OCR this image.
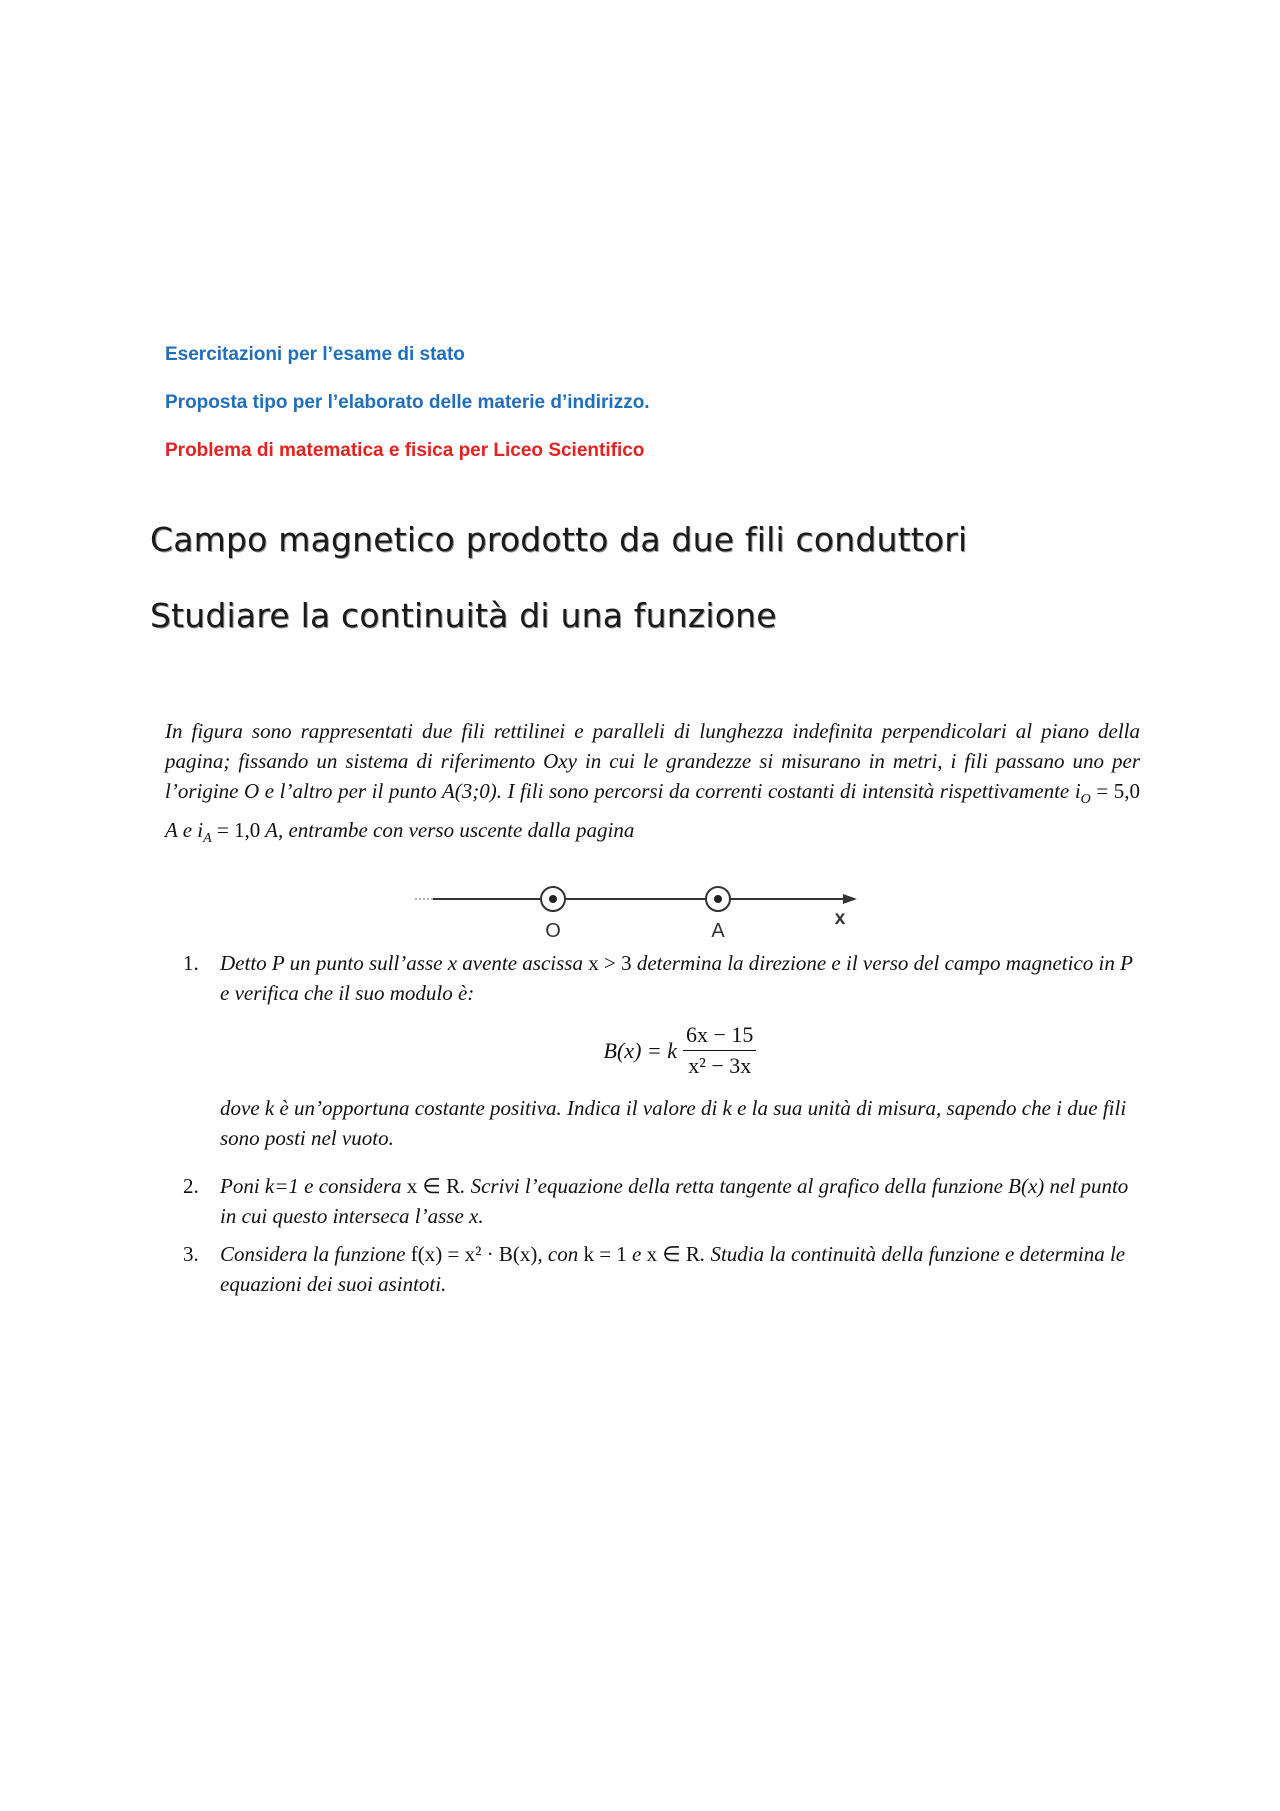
Esercitazioni per l’esame di stato
Proposta tipo per l’elaborato delle materie d’indirizzo.
Problema di matematica e fisica per Liceo Scientifico
Campo magnetico prodotto da due fili conduttori
Studiare la continuità di una funzione
In figura sono rappresentati due fili rettilinei e paralleli di lunghezza indefinita perpendicolari al piano della pagina; fissando un sistema di riferimento Oxy in cui le grandezze si misurano in metri, i fili passano uno per l’origine O e l’altro per il punto A(3;0). I fili sono percorsi da correnti costanti di intensità rispettivamente $i_O = 5,0$ A e $i_A = 1,0$ A, entrambe con verso uscente dalla pagina
O	A
x
1. Detto P un punto sull’asse x avente ascissa x > 3 determina la direzione e il verso del campo magnetico in P e verifica che il suo modulo è:
B(x) = k $\frac{6x - 15}{\text{x² − 3x}}$
dove k è un’opportuna costante positiva. Indica il valore di k e la sua unità di misura, sapendo che i due fili sono posti nel vuoto.
2. Poni k=1 e considera x ∈ R. Scrivi l’equazione della retta tangente al grafico della funzione B(x) nel punto in cui questo interseca l’asse x.
3. Considera la funzione f(x) = x² · B(x), con k = 1 e x ∈ R. Studia la continuità della funzione e determina le equazioni dei suoi asintoti.
